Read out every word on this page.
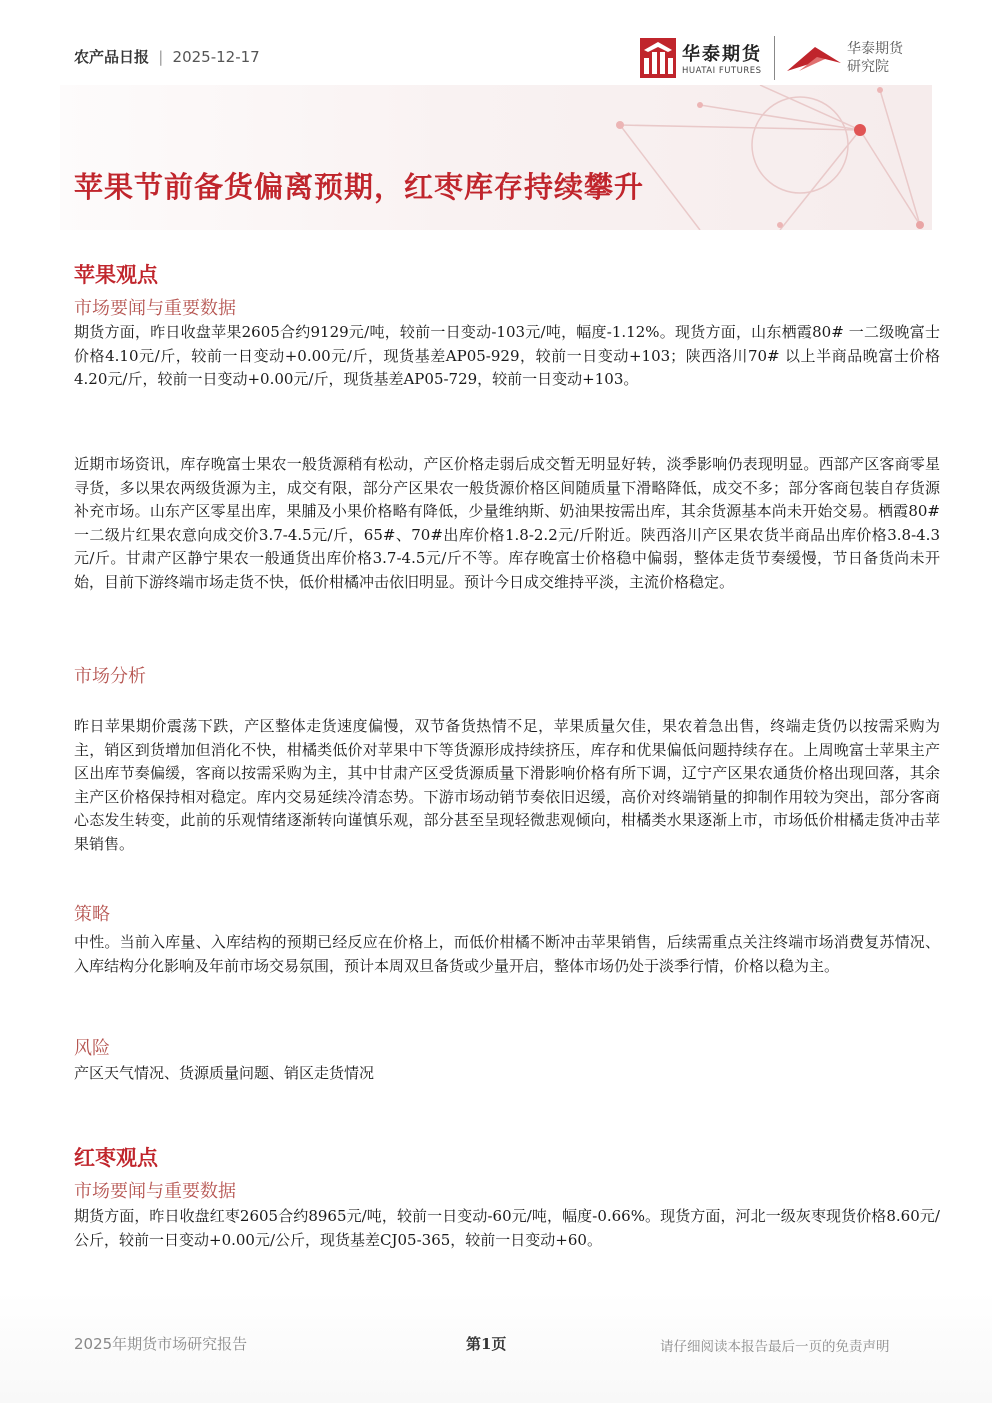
农产品日报 | 2025-12-17	华泰期货
HUATAI FUTURES
华泰期货
研究院
苹果节前备货偏离预期，红枣库存持续攀升
苹果观点
市场要闻与重要数据
期货方面，昨日收盘苹果2605合约9129元/吨，较前一日变动-103元/吨，幅度-1.12%。现货方面，山东栖霞80# 一二级晚富士价格4.10元/斤，较前一日变动+0.00元/斤，现货基差AP05-929，较前一日变动+103；陕西洛川70# 以上半商品晚富士价格4.20元/斤，较前一日变动+0.00元/斤，现货基差AP05-729，较前一日变动+103。
近期市场资讯，库存晚富士果农一般货源稍有松动，产区价格走弱后成交暂无明显好转，淡季影响仍表现明显。西部产区客商零星寻货，多以果农两级货源为主，成交有限，部分产区果农一般货源价格区间随质量下滑略降低，成交不多；部分客商包装自存货源补充市场。山东产区零星出库，果脯及小果价格略有降低，少量维纳斯、奶油果按需出库，其余货源基本尚未开始交易。栖霞80#一二级片红果农意向成交价3.7-4.5元/斤，65#、70#出库价格1.8-2.2元/斤附近。陕西洛川产区果农货半商品出库价格3.8-4.3元/斤。甘肃产区静宁果农一般通货出库价格3.7-4.5元/斤不等。库存晚富士价格稳中偏弱，整体走货节奏缓慢，节日备货尚未开始，目前下游终端市场走货不快，低价柑橘冲击依旧明显。预计今日成交维持平淡，主流价格稳定。
市场分析
昨日苹果期价震荡下跌，产区整体走货速度偏慢，双节备货热情不足，苹果质量欠佳，果农着急出售，终端走货仍以按需采购为主，销区到货增加但消化不快，柑橘类低价对苹果中下等货源形成持续挤压，库存和优果偏低问题持续存在。上周晚富士苹果主产区出库节奏偏缓，客商以按需采购为主，其中甘肃产区受货源质量下滑影响价格有所下调，辽宁产区果农通货价格出现回落，其余主产区价格保持相对稳定。库内交易延续冷清态势。下游市场动销节奏依旧迟缓，高价对终端销量的抑制作用较为突出，部分客商心态发生转变，此前的乐观情绪逐渐转向谨慎乐观，部分甚至呈现轻微悲观倾向，柑橘类水果逐渐上市，市场低价柑橘走货冲击苹果销售。
策略
中性。当前入库量、入库结构的预期已经反应在价格上，而低价柑橘不断冲击苹果销售，后续需重点关注终端市场消费复苏情况、入库结构分化影响及年前市场交易氛围，预计本周双旦备货或少量开启，整体市场仍处于淡季行情，价格以稳为主。
风险
产区天气情况、货源质量问题、销区走货情况
红枣观点
市场要闻与重要数据
期货方面，昨日收盘红枣2605合约8965元/吨，较前一日变动-60元/吨，幅度-0.66%。现货方面，河北一级灰枣现货价格8.60元/公斤，较前一日变动+0.00元/公斤，现货基差CJ05-365，较前一日变动+60。
2025年期货市场研究报告	第1页	请仔细阅读本报告最后一页的免责声明
